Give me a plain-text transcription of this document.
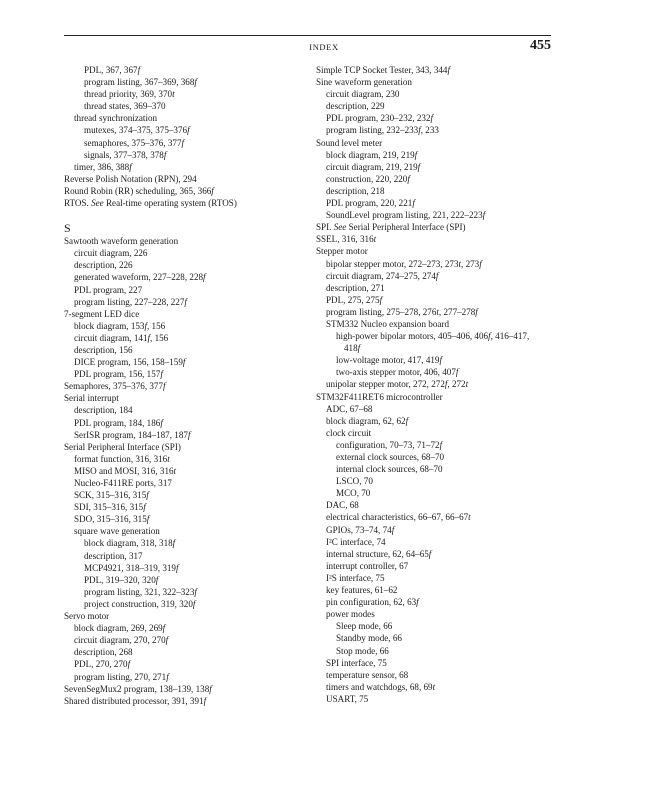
INDEX	455
PDL, 367, 367f
program listing, 367–369, 368f
thread priority, 369, 370t
thread states, 369–370
thread synchronization
mutexes, 374–375, 375–376f
semaphores, 375–376, 377f
signals, 377–378, 378f
timer, 386, 388f
Reverse Polish Notation (RPN), 294
Round Robin (RR) scheduling, 365, 366f
RTOS. See Real-time operating system (RTOS)
S
Sawtooth waveform generation
circuit diagram, 226
description, 226
generated waveform, 227–228, 228f
PDL program, 227
program listing, 227–228, 227f
7-segment LED dice
block diagram, 153f, 156
circuit diagram, 141f, 156
description, 156
DICE program, 156, 158–159f
PDL program, 156, 157f
Semaphores, 375–376, 377f
Serial interrupt
description, 184
PDL program, 184, 186f
SerISR program, 184–187, 187f
Serial Peripheral Interface (SPI)
format function, 316, 316t
MISO and MOSI, 316, 316t
Nucleo-F411RE ports, 317
SCK, 315–316, 315f
SDI, 315–316, 315f
SDO, 315–316, 315f
square wave generation
block diagram, 318, 318f
description, 317
MCP4921, 318–319, 319f
PDL, 319–320, 320f
program listing, 321, 322–323f
project construction, 319, 320f
Servo motor
block diagram, 269, 269f
circuit diagram, 270, 270f
description, 268
PDL, 270, 270f
program listing, 270, 271f
SevenSegMux2 program, 138–139, 138f
Shared distributed processor, 391, 391f
Simple TCP Socket Tester, 343, 344f
Sine waveform generation
circuit diagram, 230
description, 229
PDL program, 230–232, 232f
program listing, 232–233f, 233
Sound level meter
block diagram, 219, 219f
circuit diagram, 219, 219f
construction, 220, 220f
description, 218
PDL program, 220, 221f
SoundLevel program listing, 221, 222–223f
SPI. See Serial Peripheral Interface (SPI)
SSEL, 316, 316t
Stepper motor
bipolar stepper motor, 272–273, 273t, 273f
circuit diagram, 274–275, 274f
description, 271
PDL, 275, 275f
program listing, 275–278, 276t, 277–278f
STM332 Nucleo expansion board
high-power bipolar motors, 405–406, 406f, 416–417,
418f
low-voltage motor, 417, 419f
two-axis stepper motor, 406, 407f
unipolar stepper motor, 272, 272f, 272t
STM32F411RET6 microcontroller
ADC, 67–68
block diagram, 62, 62f
clock circuit
configuration, 70–73, 71–72f
external clock sources, 68–70
internal clock sources, 68–70
LSCO, 70
MCO, 70
DAC, 68
electrical characteristics, 66–67, 66–67t
GPIOs, 73–74, 74f
I²C interface, 74
internal structure, 62, 64–65f
interrupt controller, 67
I²S interface, 75
key features, 61–62
pin configuration, 62, 63f
power modes
Sleep mode, 66
Standby mode, 66
Stop mode, 66
SPI interface, 75
temperature sensor, 68
timers and watchdogs, 68, 69t
USART, 75
